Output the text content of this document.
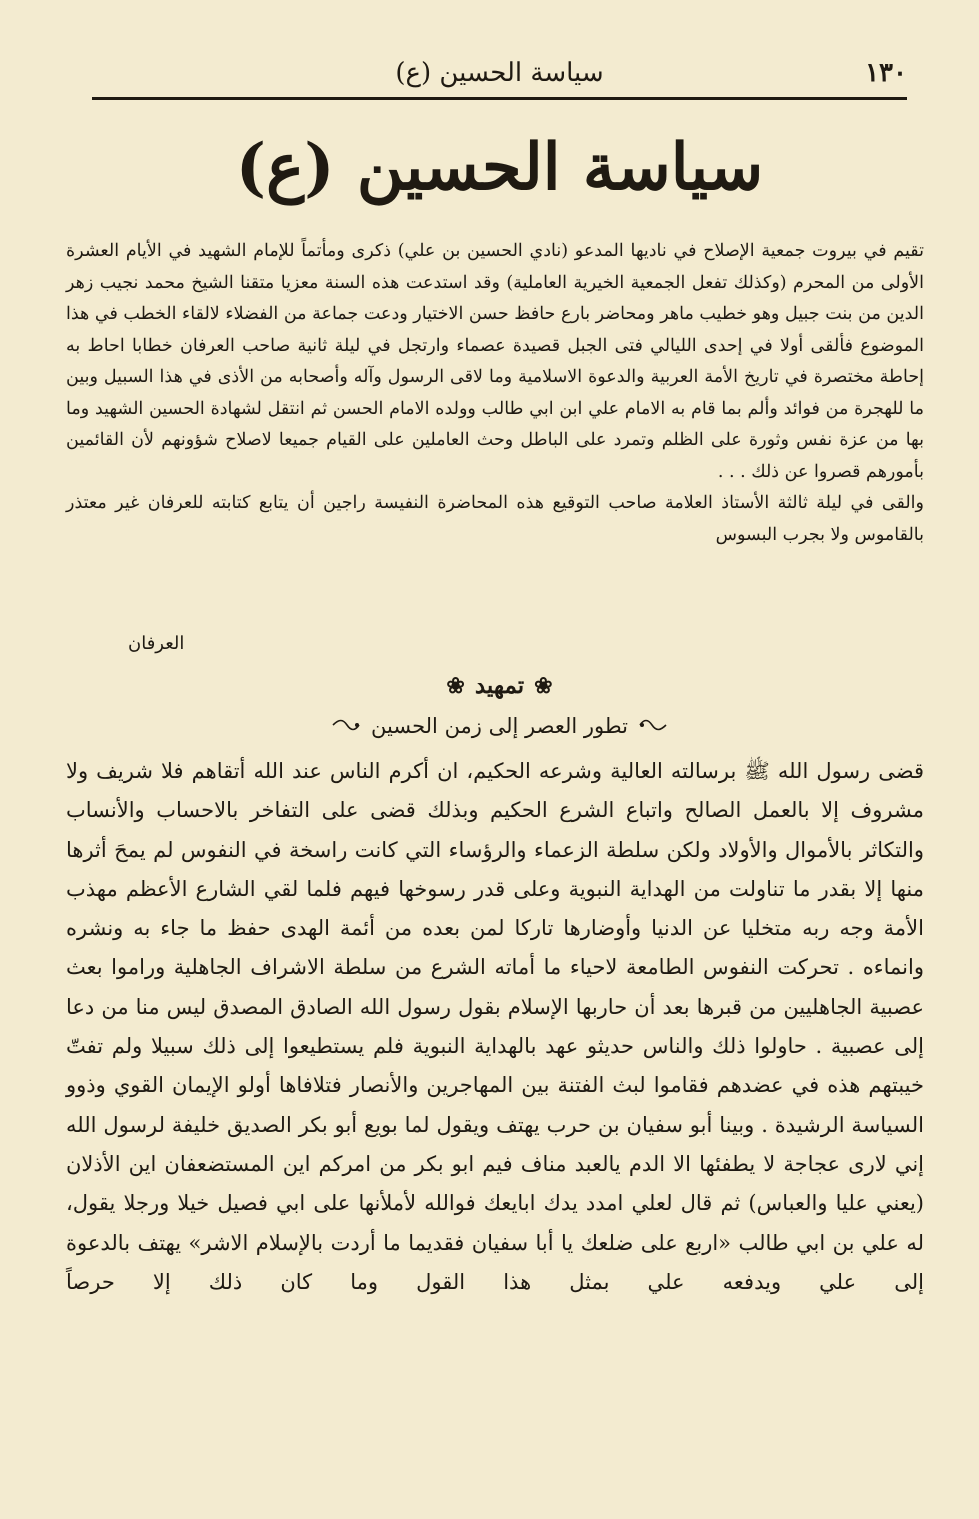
١٣٠
سياسة الحسين (ع)
سياسة الحسين (ع)

تقيم في بيروت جمعية الإصلاح في ناديها المدعو (نادي الحسين بن علي) ذكرى ومأتماً للإمام الشهيد في الأيام العشرة الأولى من المحرم (وكذلك تفعل الجمعية الخيرية العاملية) وقد استدعت هذه السنة معزيا متقنا الشيخ محمد نجيب زهر الدين من بنت جبيل وهو خطيب ماهر ومحاضر بارع حافظ حسن الاختيار ودعت جماعة من الفضلاء لالقاء الخطب في هذا الموضوع فألقى أولا في إحدى الليالي فتى الجبل قصيدة عصماء وارتجل في ليلة ثانية صاحب العرفان خطابا احاط به إحاطة مختصرة في تاريخ الأمة العربية والدعوة الاسلامية وما لاقى الرسول وآله وأصحابه من الأذى في هذا السبيل وبين ما للهجرة من فوائد وألم بما قام به الامام علي ابن ابي طالب وولده الامام الحسن ثم انتقل لشهادة الحسين الشهيد وما بها من عزة نفس وثورة على الظلم وتمرد على الباطل وحث العاملين على القيام جميعا لاصلاح شؤونهم لأن القائمين بأمورهم قصروا عن ذلك . . .

والقى في ليلة ثالثة الأستاذ العلامة صاحب التوقيع هذه المحاضرة النفيسة راجين أن يتابع كتابته للعرفان غير معتذر بالقاموس ولا بجرب البسوس

العرفان
❀تمهيد❀
تطور العصر إلى زمن الحسين

قضى رسول الله ﷺ برسالته العالية وشرعه الحكيم، ان أكرم الناس عند الله أتقاهم فلا شريف ولا مشروف إلا بالعمل الصالح واتباع الشرع الحكيم وبذلك قضى على التفاخر بالاحساب والأنساب والتكاثر بالأموال والأولاد ولكن سلطة الزعماء والرؤساء التي كانت راسخة في النفوس لم يمحَ أثرها منها إلا بقدر ما تناولت من الهداية النبوية وعلى قدر رسوخها فيهم فلما لقي الشارع الأعظم مهذب الأمة وجه ربه متخليا عن الدنيا وأوضارها تاركا لمن بعده من أئمة الهدى حفظ ما جاء به ونشره وانماءه . تحركت النفوس الطامعة لاحياء ما أماته الشرع من سلطة الاشراف الجاهلية وراموا بعث عصبية الجاهليين من قبرها بعد أن حاربها الإسلام بقول رسول الله الصادق المصدق ليس منا من دعا إلى عصبية . حاولوا ذلك والناس حديثو عهد بالهداية النبوية فلم يستطيعوا إلى ذلك سبيلا ولم تفتّ خيبتهم هذه في عضدهم فقاموا لبث الفتنة بين المهاجرين والأنصار فتلافاها أولو الإيمان القوي وذوو السياسة الرشيدة . وبينا أبو سفيان بن حرب يهتف ويقول لما بويع أبو بكر الصديق خليفة لرسول الله إني لارى عجاجة لا يطفئها الا الدم يالعبد مناف فيم ابو بكر من امركم اين المستضعفان اين الأذلان (يعني عليا والعباس) ثم قال لعلي امدد يدك ابايعك فوالله لأملأنها على ابي فصيل خيلا ورجلا يقول، له علي بن ابي طالب «اربع على ضلعك يا أبا سفيان فقديما ما أردت بالإسلام الاشر» يهتف بالدعوة إلى علي ويدفعه علي بمثل هذا القول وما كان ذلك إلا حرصاً
